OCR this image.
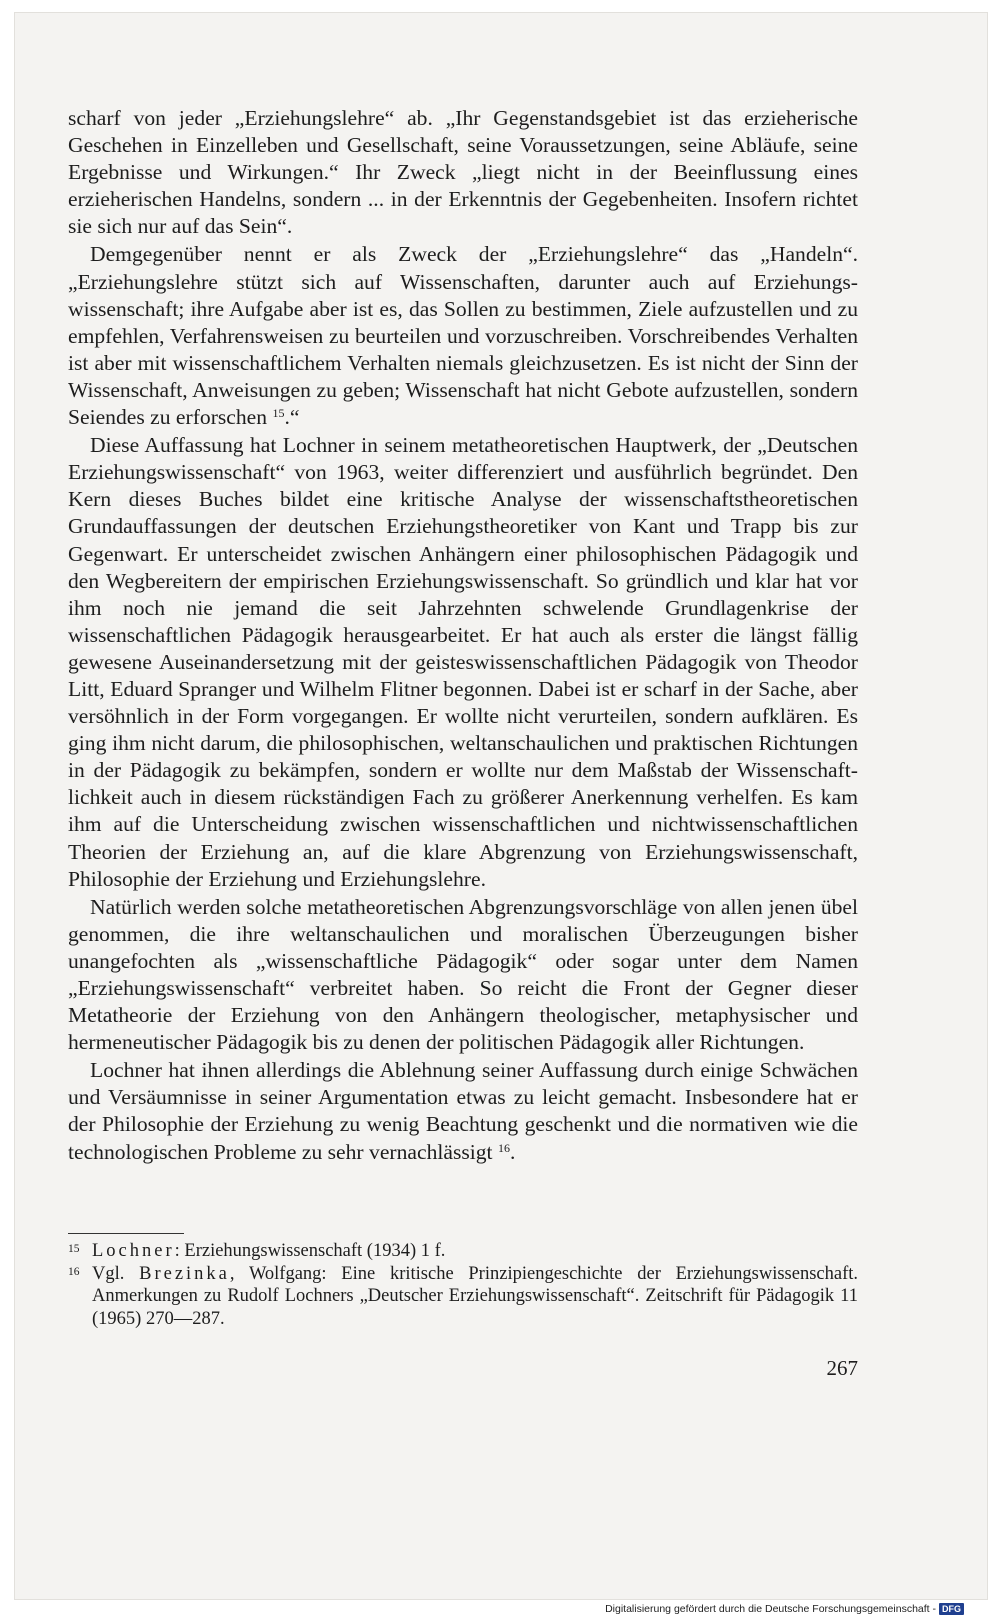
scharf von jeder „Erziehungslehre“ ab. „Ihr Gegenstandsgebiet ist das erzieherische Geschehen in Einzelleben und Gesellschaft, seine Voraussetzungen, seine Abläufe, seine Ergebnisse und Wirkungen.“ Ihr Zweck „liegt nicht in der Beeinflussung eines erzieherischen Handelns, sondern ... in der Erkenntnis der Gegebenheiten. Insofern richtet sie sich nur auf das Sein“.

Demgegenüber nennt er als Zweck der „Erziehungslehre“ das „Handeln“. „Erziehungslehre stützt sich auf Wissenschaften, darunter auch auf Erziehungswissenschaft; ihre Aufgabe aber ist es, das Sollen zu bestimmen, Ziele aufzustellen und zu empfehlen, Verfahrensweisen zu beurteilen und vorzuschreiben. Vorschreibendes Verhalten ist aber mit wissenschaftlichem Verhalten niemals gleichzusetzen. Es ist nicht der Sinn der Wissenschaft, Anweisungen zu geben; Wissenschaft hat nicht Gebote aufzustellen, sondern Seiendes zu erforschen $^{15}$.“

Diese Auffassung hat Lochner in seinem metatheoretischen Hauptwerk, der „Deutschen Erziehungswissenschaft“ von 1963, weiter differenziert und ausführlich begründet. Den Kern dieses Buches bildet eine kritische Analyse der wissenschaftstheoretischen Grundauffassungen der deutschen Erziehungstheoretiker von Kant und Trapp bis zur Gegenwart. Er unterscheidet zwischen Anhängern einer philosophischen Pädagogik und den Wegbereitern der empirischen Erziehungswissenschaft. So gründlich und klar hat vor ihm noch nie jemand die seit Jahrzehnten schwelende Grundlagenkrise der wissenschaftlichen Pädagogik herausgearbeitet. Er hat auch als erster die längst fällig gewesene Auseinandersetzung mit der geisteswissenschaftlichen Pädagogik von Theodor Litt, Eduard Spranger und Wilhelm Flitner begonnen. Dabei ist er scharf in der Sache, aber versöhnlich in der Form vorgegangen. Er wollte nicht verurteilen, sondern aufklären. Es ging ihm nicht darum, die philosophischen, weltanschaulichen und praktischen Richtungen in der Pädagogik zu bekämpfen, sondern er wollte nur dem Maßstab der Wissenschaftlichkeit auch in diesem rückständigen Fach zu größerer Anerkennung verhelfen. Es kam ihm auf die Unterscheidung zwischen wissenschaftlichen und nichtwissenschaftlichen Theorien der Erziehung an, auf die klare Abgrenzung von Erziehungswissenschaft, Philosophie der Erziehung und Erziehungslehre.

Natürlich werden solche metatheoretischen Abgrenzungsvorschläge von allen jenen übel genommen, die ihre weltanschaulichen und moralischen Überzeugungen bisher unangefochten als „wissenschaftliche Pädagogik“ oder sogar unter dem Namen „Erziehungswissenschaft“ verbreitet haben. So reicht die Front der Gegner dieser Metatheorie der Erziehung von den Anhängern theologischer, metaphysischer und hermeneutischer Pädagogik bis zu denen der politischen Pädagogik aller Richtungen.

Lochner hat ihnen allerdings die Ablehnung seiner Auffassung durch einige Schwächen und Versäumnisse in seiner Argumentation etwas zu leicht gemacht. Insbesondere hat er der Philosophie der Erziehung zu wenig Beachtung geschenkt und die normativen wie die technologischen Probleme zu sehr vernachlässigt $^{16}$.

15 Lochner: Erziehungswissenschaft (1934) 1 f.

16 Vgl. Brezinka, Wolfgang: Eine kritische Prinzipiengeschichte der Erziehungswissenschaft. Anmerkungen zu Rudolf Lochners „Deutscher Erziehungswissenschaft“. Zeitschrift für Pädagogik 11 (1965) 270—287.

267
Digitalisierung gefördert durch die Deutsche Forschungsgemeinschaft - DFG
